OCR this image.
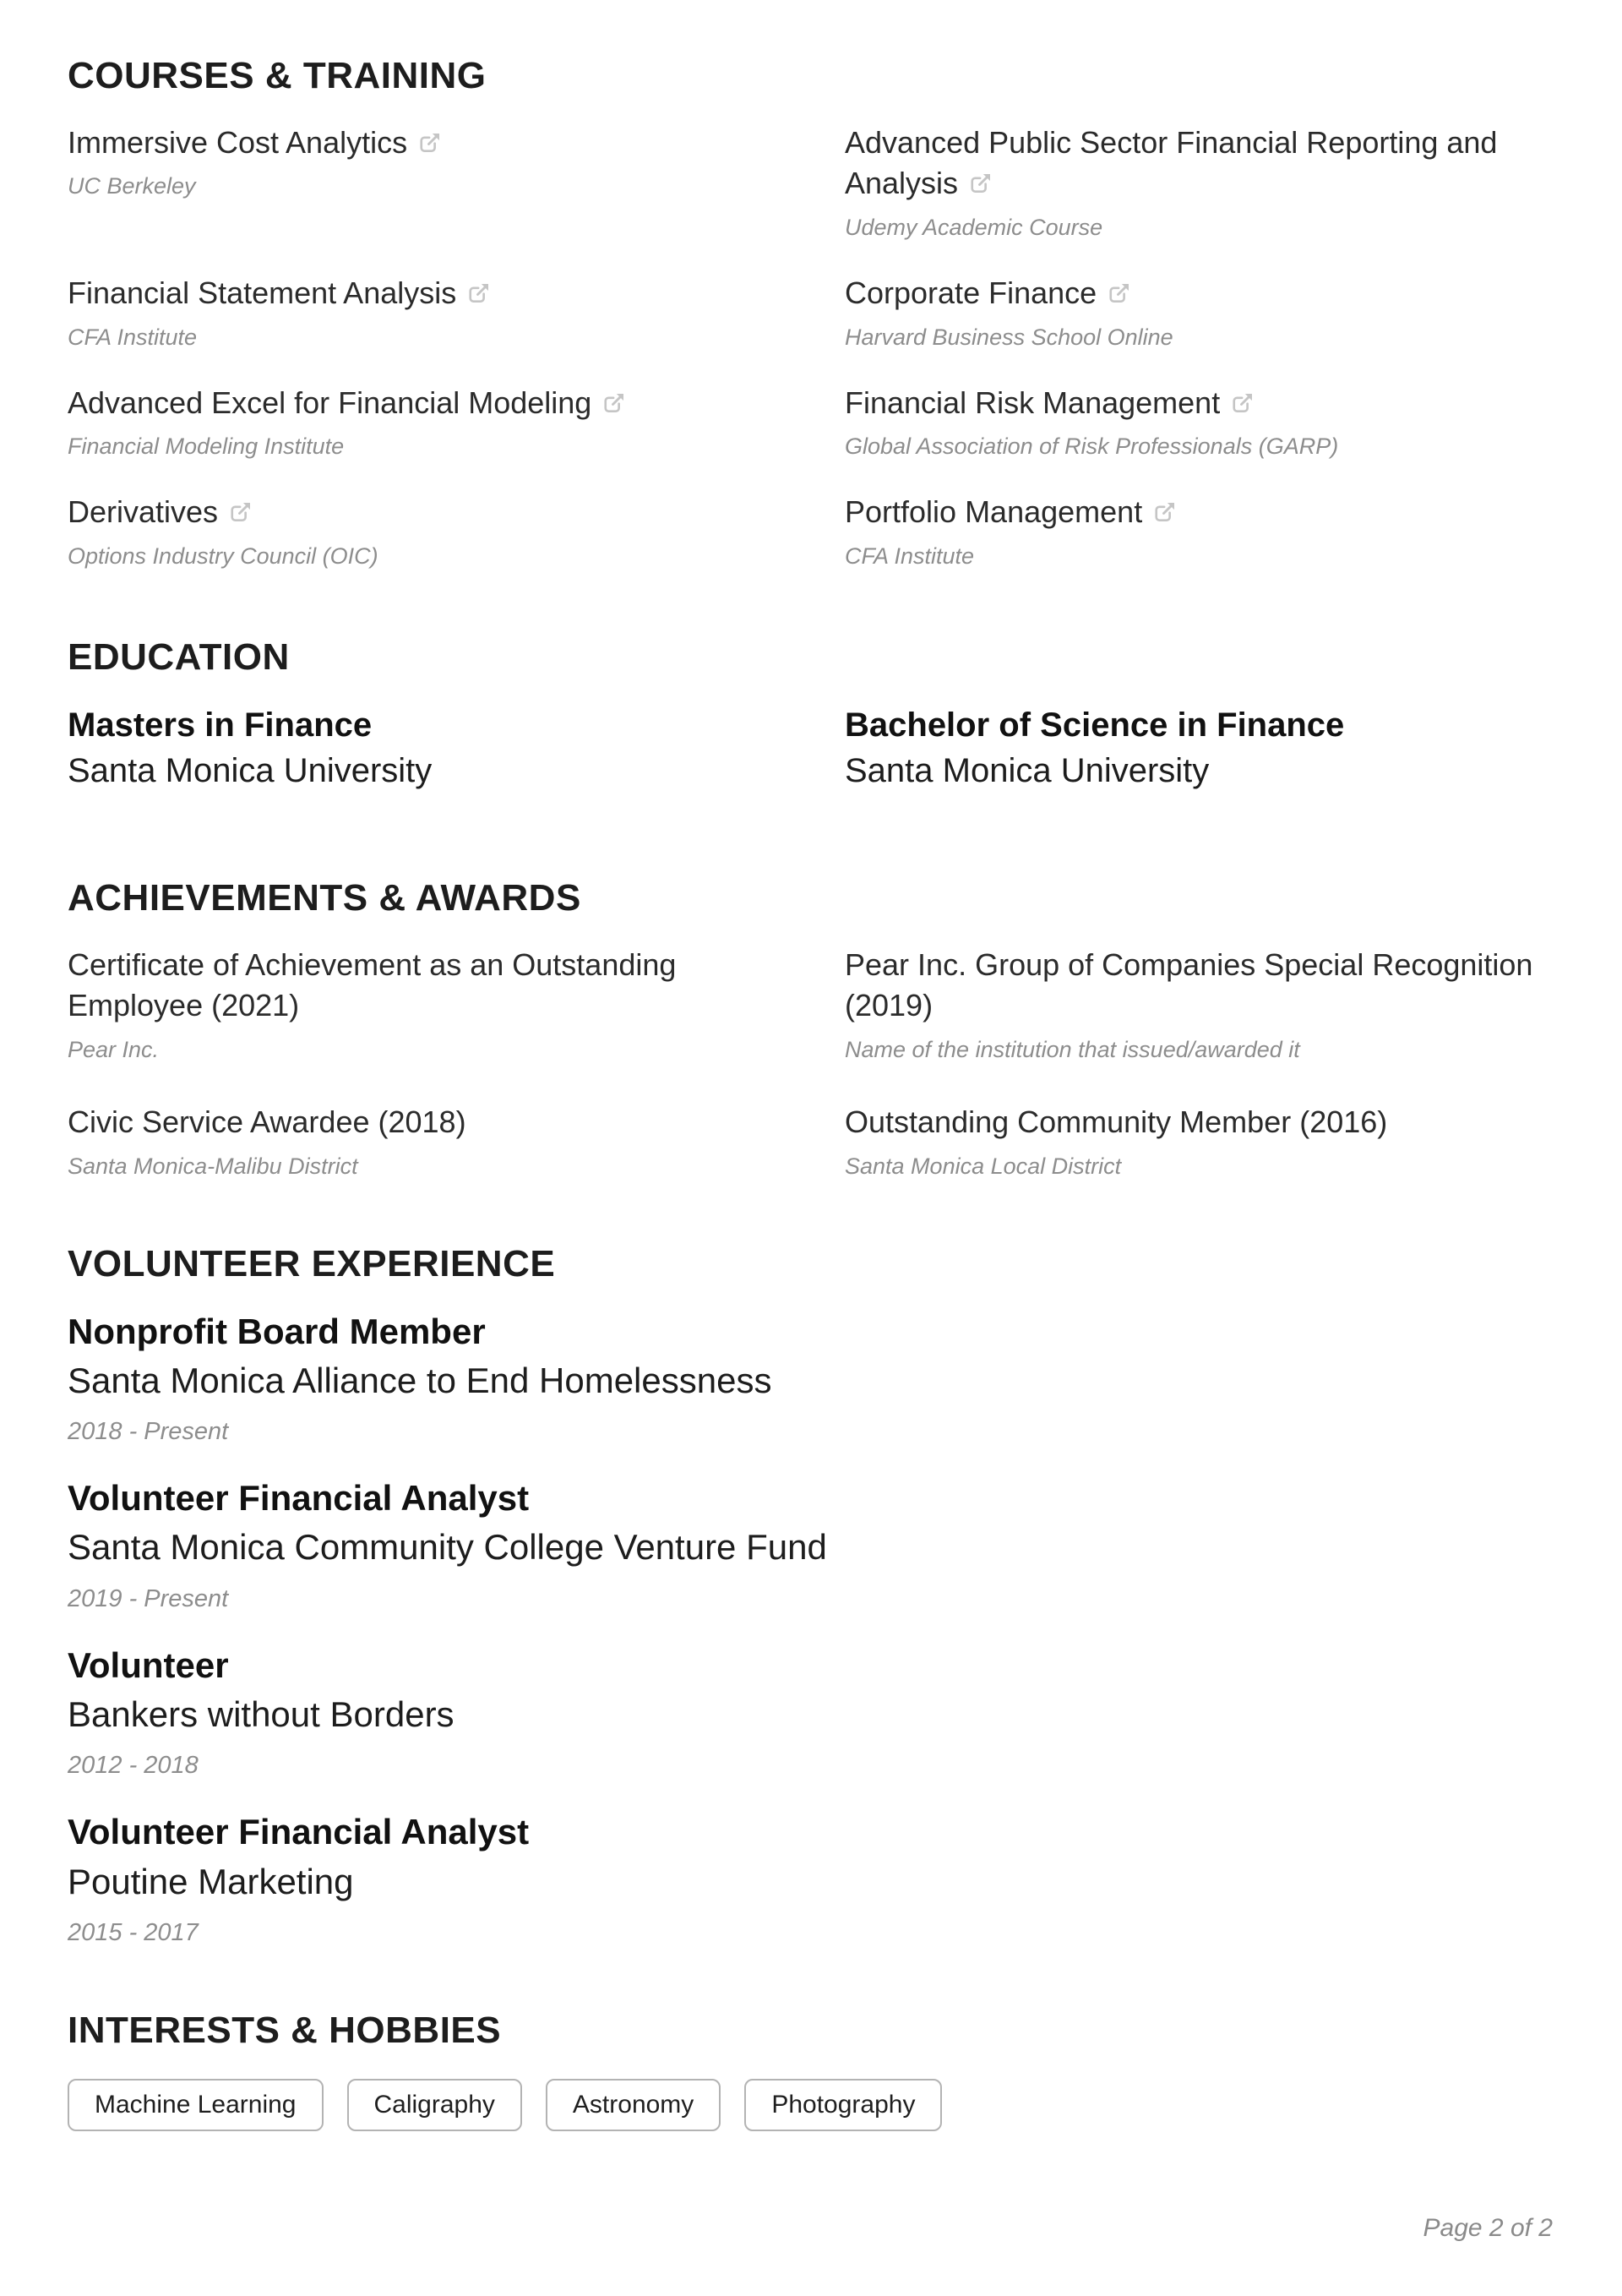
COURSES & TRAINING

Immersive Cost Analytics

UC Berkeley

Advanced Public Sector Financial Reporting and Analysis

Udemy Academic Course

Financial Statement Analysis

CFA Institute

Corporate Finance

Harvard Business School Online

Advanced Excel for Financial Modeling

Financial Modeling Institute

Financial Risk Management

Global Association of Risk Professionals (GARP)

Derivatives

Options Industry Council (OIC)

Portfolio Management

CFA Institute

EDUCATION

Masters in Finance

Santa Monica University

Bachelor of Science in Finance

Santa Monica University

ACHIEVEMENTS & AWARDS

Certificate of Achievement as an Outstanding Employee (2021)

Pear Inc.

Pear Inc. Group of Companies Special Recognition (2019)

Name of the institution that issued/awarded it

Civic Service Awardee (2018)

Santa Monica-Malibu District

Outstanding Community Member (2016)

Santa Monica Local District

VOLUNTEER EXPERIENCE

Nonprofit Board Member

Santa Monica Alliance to End Homelessness

2018 - Present

Volunteer Financial Analyst

Santa Monica Community College Venture Fund

2019 - Present

Volunteer

Bankers without Borders

2012 - 2018

Volunteer Financial Analyst

Poutine Marketing

2015 - 2017

INTERESTS & HOBBIES
Machine Learning	Caligraphy	Astronomy	Photography
Page 2 of 2
